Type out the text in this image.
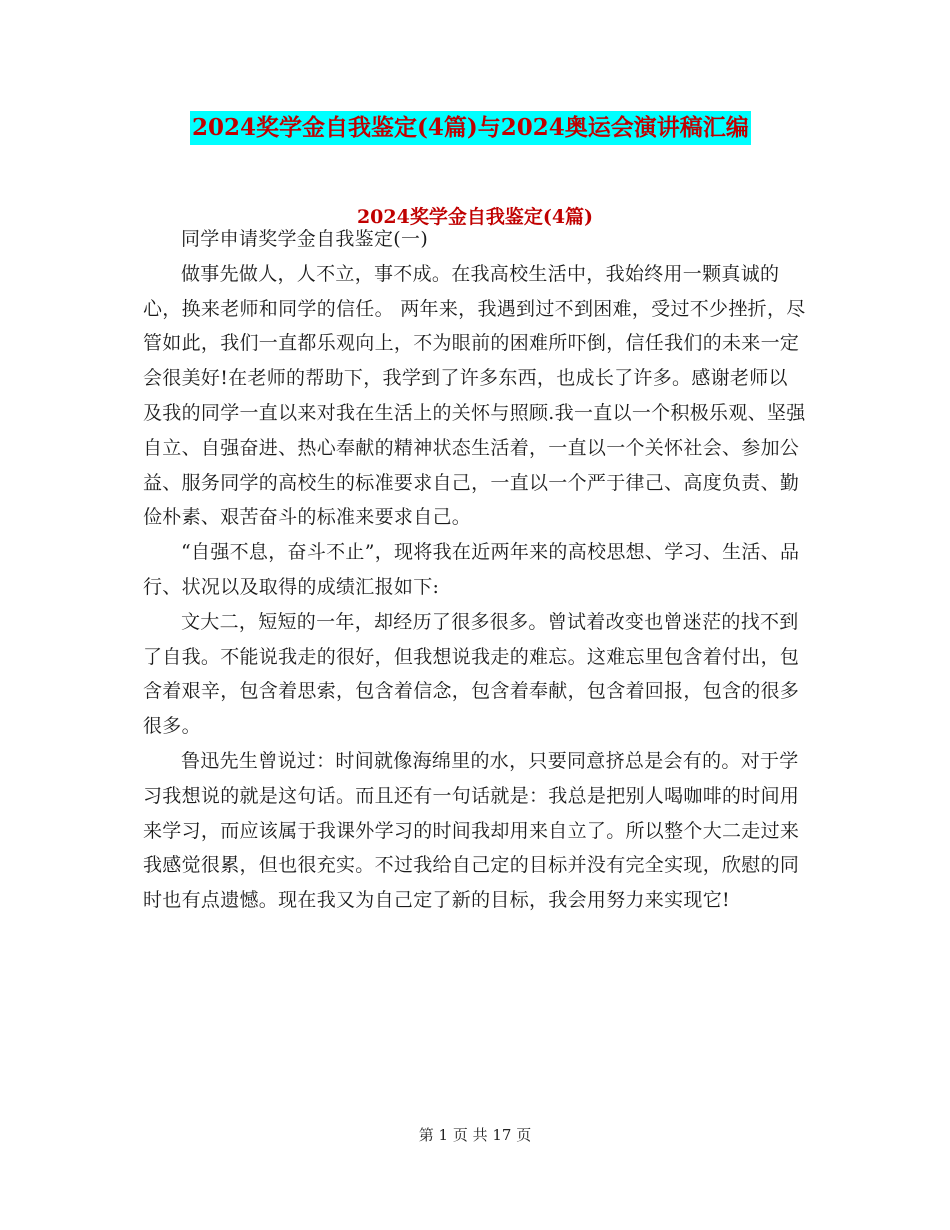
2024奖学金自我鉴定(4篇)与2024奥运会演讲稿汇编
2024奖学金自我鉴定(4篇)

同学申请奖学金自我鉴定(一)

做事先做人，人不立，事不成。在我高校生活中，我始终用一颗真诚的心，换来老师和同学的信任。 两年来，我遇到过不到困难，受过不少挫折，尽管如此，我们一直都乐观向上，不为眼前的困难所吓倒，信任我们的未来一定会很美好!在老师的帮助下，我学到了许多东西，也成长了许多。感谢老师以及我的同学一直以来对我在生活上的关怀与照顾.我一直以一个积极乐观、坚强自立、自强奋进、热心奉献的精神状态生活着，一直以一个关怀社会、参加公益、服务同学的高校生的标准要求自己，一直以一个严于律己、高度负责、勤俭朴素、艰苦奋斗的标准来要求自己。

“自强不息，奋斗不止”，现将我在近两年来的高校思想、学习、生活、品行、状况以及取得的成绩汇报如下:

文大二，短短的一年，却经历了很多很多。曾试着改变也曾迷茫的找不到了自我。不能说我走的很好，但我想说我走的难忘。这难忘里包含着付出，包含着艰辛，包含着思索，包含着信念，包含着奉献，包含着回报，包含的很多很多。

鲁迅先生曾说过：时间就像海绵里的水，只要同意挤总是会有的。对于学习我想说的就是这句话。而且还有一句话就是：我总是把别人喝咖啡的时间用来学习，而应该属于我课外学习的时间我却用来自立了。所以整个大二走过来我感觉很累，但也很充实。不过我给自己定的目标并没有完全实现，欣慰的同时也有点遗憾。现在我又为自己定了新的目标，我会用努力来实现它!

第 1 页 共 17 页
